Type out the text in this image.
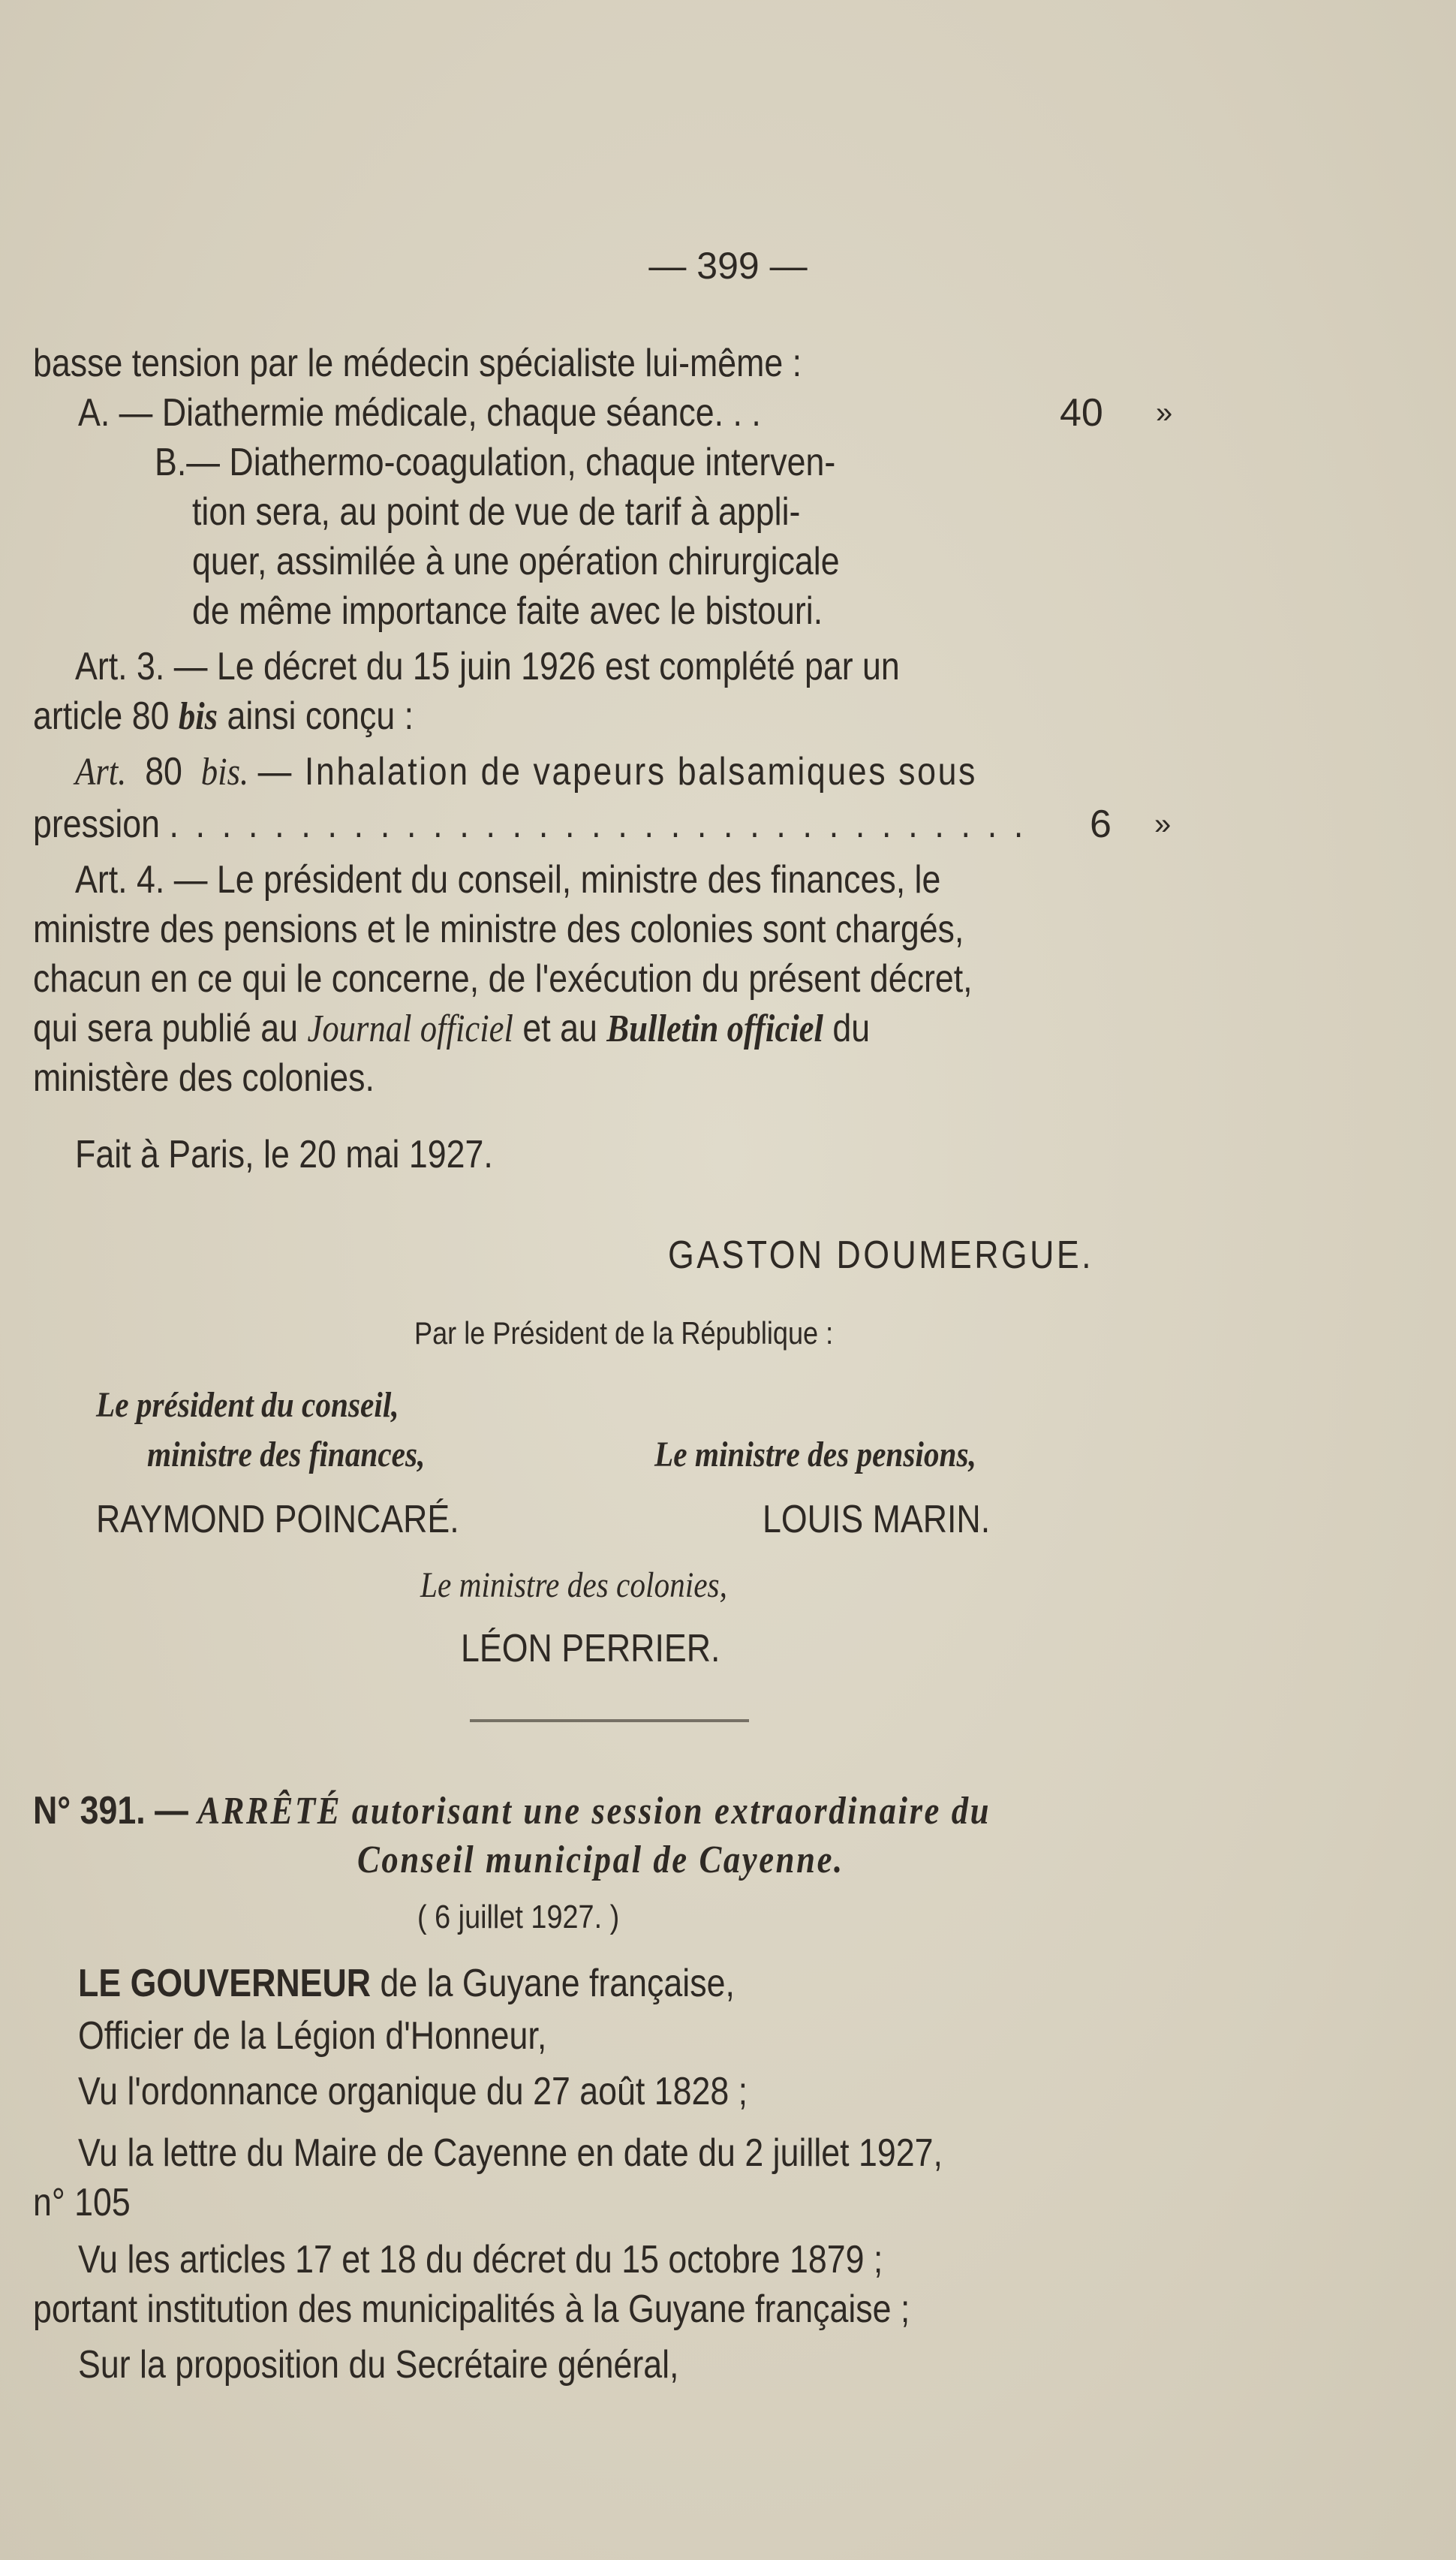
— 399 —
basse tension par le médecin spécialiste lui-même :
A. — Diathermie médicale, chaque séance. . .	40 »
B.— Diathermo-coagulation, chaque interven-
tion sera, au point de vue de tarif à appli-
quer, assimilée à une opération chirurgicale
de même importance faite avec le bistouri.
Art. 3. — Le décret du 15 juin 1926 est complété par un
article 80 bis ainsi conçu :
Art. 80 bis. — Inhalation de vapeurs balsamiques sous
pression . . . . . . . . . . . . . . . . . . . . . . . . . . . . . . . . . 6 »
Art. 4. — Le président du conseil, ministre des finances, le
ministre des pensions et le ministre des colonies sont chargés,
chacun en ce qui le concerne, de l'exécution du présent décret,
qui sera publié au Journal officiel et au Bulletin officiel du
ministère des colonies.
Fait à Paris, le 20 mai 1927.
GASTON DOUMERGUE.
Par le Président de la République :
Le président du conseil,
ministre des finances,	Le ministre des pensions,
RAYMOND POINCARÉ.	LOUIS MARIN.
Le ministre des colonies,
LÉON PERRIER.
N° 391. — ARRÊTÉ autorisant une session extraordinaire du
Conseil municipal de Cayenne.
( 6 juillet 1927. )
LE GOUVERNEUR de la Guyane française,
Officier de la Légion d'Honneur,
Vu l'ordonnance organique du 27 août 1828 ;
Vu la lettre du Maire de Cayenne en date du 2 juillet 1927,
n° 105
Vu les articles 17 et 18 du décret du 15 octobre 1879 ;
portant institution des municipalités à la Guyane française ;
Sur la proposition du Secrétaire général,
